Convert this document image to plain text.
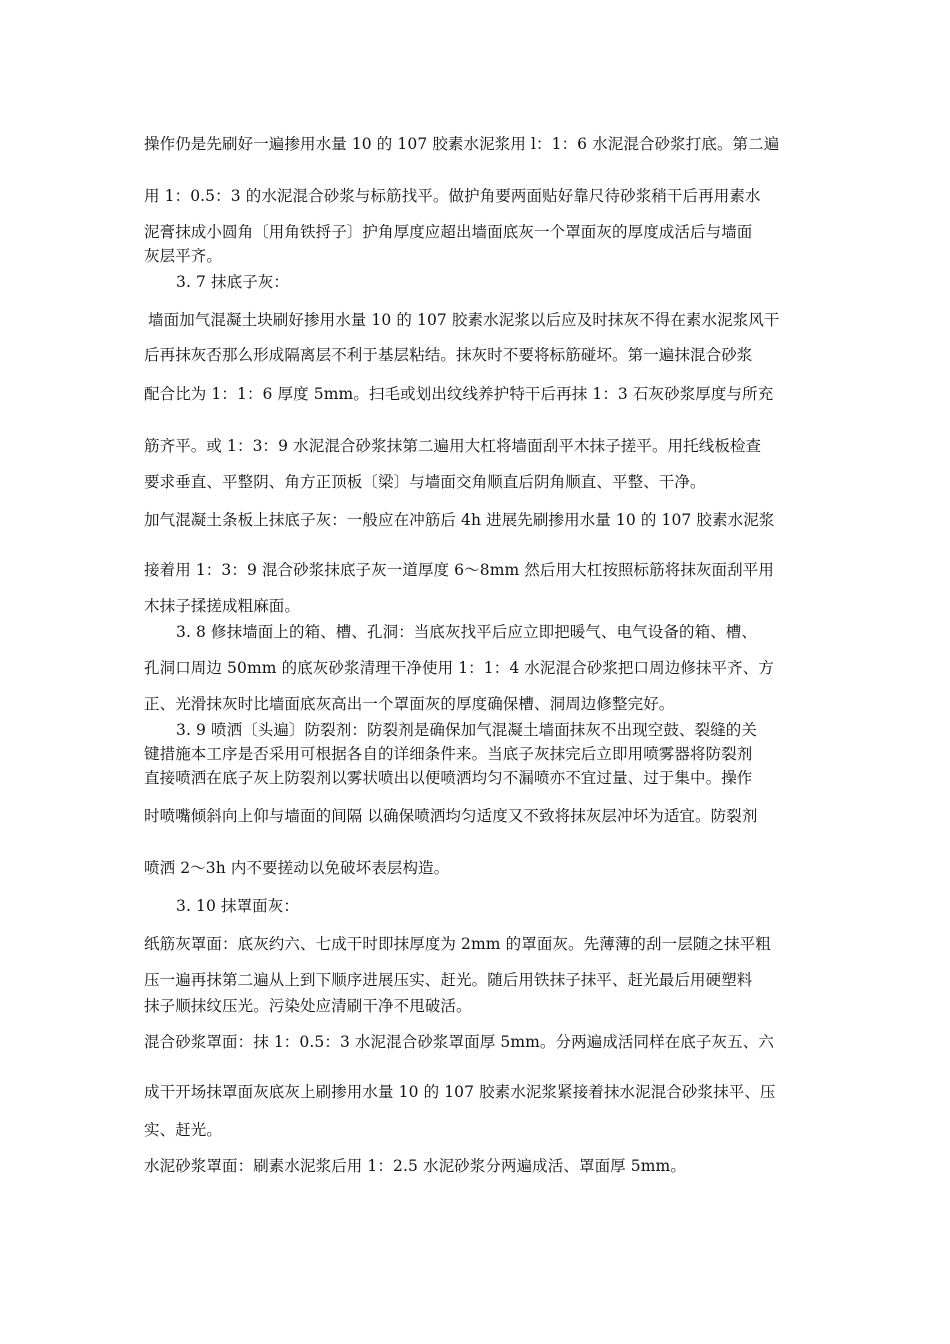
操作仍是先刷好一遍掺用水量 10 的 107 胶素水泥浆用 l：1：6 水泥混合砂浆打底。第二遍
用 1：0.5：3 的水泥混合砂浆与标筋找平。做护角要两面贴好靠尺待砂浆稍干后再用素水
泥膏抹成小圆角〔用角铁捋子〕护角厚度应超出墙面底灰一个罩面灰的厚度成活后与墙面
灰层平齐。
3. 7 抹底子灰：
墙面加气混凝土块刷好掺用水量 10 的 107 胶素水泥浆以后应及时抹灰不得在素水泥浆风干
后再抹灰否那么形成隔离层不利于基层粘结。抹灰时不要将标筋碰坏。第一遍抹混合砂浆
配合比为 1：1：6 厚度 5mm。扫毛或划出纹线养护特干后再抹 1：3 石灰砂浆厚度与所充
筋齐平。或 1：3：9 水泥混合砂浆抹第二遍用大杠将墙面刮平木抹子搓平。用托线板检查
要求垂直、平整阴、角方正顶板〔梁〕与墙面交角顺直后阴角顺直、平整、干净。
加气混凝土条板上抹底子灰：一般应在冲筋后 4h 进展先刷掺用水量 10 的 107 胶素水泥浆
接着用 1：3：9 混合砂浆抹底子灰一道厚度 6～8mm 然后用大杠按照标筋将抹灰面刮平用
木抹子揉搓成粗麻面。
3. 8 修抹墙面上的箱、槽、孔洞：当底灰找平后应立即把暖气、电气设备的箱、槽、
孔洞口周边 50mm 的底灰砂浆清理干净使用 1：1：4 水泥混合砂浆把口周边修抹平齐、方
正、光滑抹灰时比墙面底灰高出一个罩面灰的厚度确保槽、洞周边修整完好。
3. 9 喷洒〔头遍〕防裂剂：防裂剂是确保加气混凝土墙面抹灰不出现空鼓、裂缝的关
键措施本工序是否采用可根据各自的详细条件来。当底子灰抹完后立即用喷雾器将防裂剂
直接喷洒在底子灰上防裂剂以雾状喷出以便喷洒均匀不漏喷亦不宜过量、过于集中。操作
时喷嘴倾斜向上仰与墙面的间隔 以确保喷洒均匀适度又不致将抹灰层冲坏为适宜。防裂剂
喷洒 2～3h 内不要搓动以免破坏表层构造。
3. 10 抹罩面灰：
纸筋灰罩面：底灰约六、七成干时即抹厚度为 2mm 的罩面灰。先薄薄的刮一层随之抹平粗
压一遍再抹第二遍从上到下顺序进展压实、赶光。随后用铁抹子抹平、赶光最后用硬塑料
抹子顺抹纹压光。污染处应清刷干净不甩破活。
混合砂浆罩面：抹 1：0.5：3 水泥混合砂浆罩面厚 5mm。分两遍成活同样在底子灰五、六
成干开场抹罩面灰底灰上刷掺用水量 10 的 107 胶素水泥浆紧接着抹水泥混合砂浆抹平、压
实、赶光。
水泥砂浆罩面：刷素水泥浆后用 1：2.5 水泥砂浆分两遍成活、罩面厚 5mm。
